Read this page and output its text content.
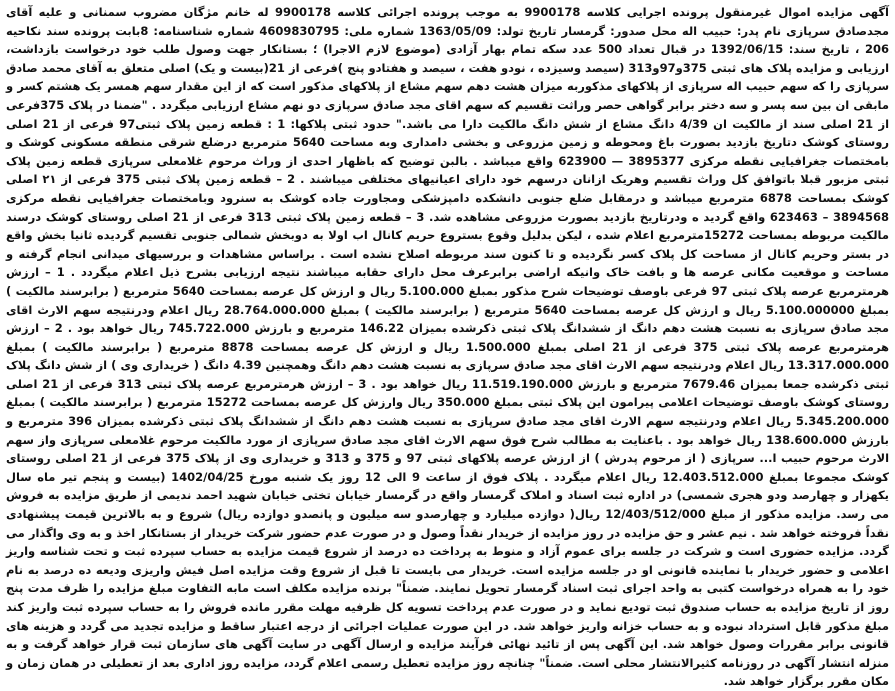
آگهی مزایده اموال غیرمنقول پرونده اجرایی کلاسه 9900178 به موجب پرونده اجرائی کلاسه 9900178 له خانم مژگان مضروب سمنانی و علیه آقای مجدصادق سرپازی نام پدر: حبیب اله محل صدور: گرمسار تاریخ تولد: 1363/05/09 شماره ملی: 4609830795 شماره شناسنامه: 8بابت پرونده سند نکاحیه 206 ، تاریخ سند: 1392/06/15 در قبال تعداد 500 عدد سکه تمام بهار آزادی (موضوع لازم الاجرا) ؛ بستانکار جهت وصول طلب خود درخواست بازداشت، ارزیابی و مزایده پلاک های ثبتی 375و97و313 (سیصد وسیزده ، نودو هفت ، سیصد و هفتادو پنج )فرعی از 21(بیست و یک) اصلی متعلق به آقای محمد صادق سرپازی را که سهم حبیب اله سرپازی از پلاکهای مذکوربه میزان هشت دهم سهم مشاع از پلاکهای مذکور است که از این مقدار سهم همسر یک هشتم کسر و مابقی ان بین سه پسر و سه دختر برابر گواهی حصر وراثت تقسیم که سهم اقای مجد صادق سرپازی دو نهم مشاع ارزیابی میگردد . "ضمنا در پلاک 375فرعی از 21 اصلی سند از مالکیت ان 4/39 دانگ مشاع از شش دانگ مالکیت دارا می باشد." حدود ثبتی پلاکها: 1 : قطعه زمین پلاک ثبتی97 فرعی از 21 اصلی روستای کوشک دتاریخ بازدید بصورت باغ ومحوطه و زمین مزروعی و بخشی دامداری وبه مساحت 5640 مترمربع درضلع شرقی منطقه مسکونی کوشک و بامختصات جغرافیایی نقطه مرکزی 3895377 — 623900 واقع میباشد . بالبن توضیح که باظهار احدی از وراث مرحوم غلامعلی سرپازی قطعه زمین پلاک ثبتی مزبور قبلا باتوافق کل وراث تقسیم وهریک ازانان درسهم خود دارای اعیانیهای مختلفی میباشند . 2 – قطعه زمین پلاک ثبتی 375 فرعی از ۲۱ اصلی کوشک بمساحت 6878 مترمربع میباشد و درمقابل ضلع جنوبی دانشکده دامپزشکی ومجاورت جاده کوشک به سنرود وبامختصات جغرافیایی نقطه مرکزی 3894568 – 623463 واقع گردید ه ودرتاریخ بازدید بصورت مزروعی مشاهده شد. 3 – قطعه زمین پلاک ثبتی 313 فرعی از 21 اصلی روستای کوشک درسند مالکیت مربوطه بمساحت 15272مترمربع اعلام شده ، لیکن بدلیل وقوع بستروع حریم کانال اب اولا به دوبخش شمالی جنوبی تقسیم گردیده ثانیا بخش واقع در بستر وحریم کانال از مساحت کل پلاک کسر نگردیده و تا کنون سند مربوطه اصلاح نشده است . براساس مشاهدات و بررسیهای میدانی انجام گرفته و مساحت و موقعیت مکانی عرصه ها و بافت خاک وانیکه اراضی برابرعرف محل دارای حقابه میباشند نتیجه ارزیابی بشرح ذیل اعلام میگردد . 1 – ارزش هرمترمربع عرصه پلاک ثبتی 97 فرعی باوصف توضیحات شرح مذکور بمبلغ 5.100.000 ریال و ارزش کل عرصه بمساحت 5640 مترمربع ( برابرسند مالکیت ) بمبلغ 5.100.000000 ریال و ارزش کل عرصه بمساحت 5640 مترمربع ( برابرسند مالکیت ) بمبلغ 28.764.000.000 ریال اعلام ودرنتیجه سهم الارث اقای مجد صادق سرپازی به نسبت هشت دهم دانگ از ششدانگ پلاک ثبتی ذکرشده بمیزان 146.22 مترمربع و بارزش 745.722.000 ریال خواهد بود . 2 – ارزش هرمترمربع عرصه پلاک ثبتی 375 فرعی از 21 اصلی بمبلغ 1.500.000 ریال و ارزش کل عرصه بمساحت 8878 مترمربع ( برابرسند مالکیت ) بمبلغ 13.317.000.000 ریال اعلام ودرنتیجه سهم الارث اقای مجد صادق سرپازی به نسبت هشت دهم دانگ وهمچنین 4.39 دانگ ( خریداری وی ) از شش دانگ پلاک ثبتی ذکرشده جمعا بمیزان 7679.46 مترمربع و بارزش 11.519.190.000 ریال خواهد بود . 3 – ارزش هرمترمربع عرصه پلاک ثبتی 313 فرعی از 21 اصلی روستای کوشک باوصف توضیحات اعلامی پیرامون این پلاک ثبتی بمبلغ 350.000 ریال وارزش کل عرصه بمساحت 15272 مترمربع ( برابرسند مالکیت ) بمبلغ 5.345.200.000 ریال اعلام ودرنتیجه سهم الارث اقای مجد صادق سرپازی به نسبت هشت دهم دانگ از ششدانگ پلاک ثبتی ذکرشده بمیزان 396 مترمربع و بارزش 138.600.000 ریال خواهد بود . باعنایت به مطالب شرح فوق سهم الارث اقای مجد صادق سرپازی از مورد مالکیت مرحوم غلامعلی سرپازی واز سهم الارث مرحوم حبیب ا... سرپازی ( از مرحوم پدرش ) از ارزش عرصه پلاکهای ثبتی 97 و 375 و 313 و خریداری وی از پلاک 375 فرعی از 21 اصلی روستای کوشک مجموعا بمبلغ 12.403.512.000 ریال اعلام میگردد . پلاک فوق از ساعت 9 الی 12 روز یک شنبه مورخ 1402/04/25 (بیست و پنجم تیر ماه سال یکهزار و چهارصد ودو هجری شمسی) در اداره ثبت اسناد و املاک گرمسار واقع در گرمسار خیابان تختی خیابان شهید احمد ندیمی از طریق مزایده به فروش می رسد. مزایده مذکور از مبلغ 12/403/512/000 ریال( دوازده میلیارد و چهارصدو سه میلیون و پانصدو دوازده ریال) شروع و به بالاترین قیمت پیشنهادی نقداً فروخته خواهد شد . نیم عشر و حق مزایده در روز مزایده از خریدار نقداً وصول و در صورت عدم حضور شرکت خریدار از بستانکار اخذ و به وی واگذار می گردد. مزایده حضوری است و شرکت در جلسه برای عموم آزاد و منوط به پرداخت ده درصد از شروع قیمت مزایده به حساب سپرده ثبت و تحت شناسه واریز اعلامی و حضور خریدار با نماینده قانونی او در جلسه مزایده است. خریدار می بایست تا قبل از شروع وقت مزایده اصل فیش واریزی ودیعه ده درصد به نام خود را به همراه درخواست کتبی به واحد اجرای ثبت اسناد گرمسار تحویل نمایند. ضمناً" برنده مزایده مکلف است مابه التفاوت مبلغ مزایده را ظرف مدت پنج روز از تاریخ مزایده به حساب صندوق ثبت تودیع نماید و در صورت عدم پرداخت تسویه کل ظرفیه مهلت مقرر مانده فروش را به حساب سپرده ثبت واریز کند مبلغ مذکور قابل استرداد نبوده و به حساب خزانه واریز خواهد شد. در این صورت عملیات اجرائی از درجه اعتبار ساقط و مزایده تجدید می گردد و هزینه های قانونی برابر مقررات وصول خواهد شد. این آگهی پس از تائید نهائی فرآیند مزایده و ارسال آگهی در سایت آگهی های سازمان ثبت قرار خواهد گرفت و به منزله انتشار آگهی در روزنامه کثیرالانتشار محلی است. ضمناً" چنانچه روز مزایده تعطیل رسمی اعلام گردد، مزایده روز اداری بعد از تعطیلی در همان زمان و مکان مقرر برگزار خواهد شد.
